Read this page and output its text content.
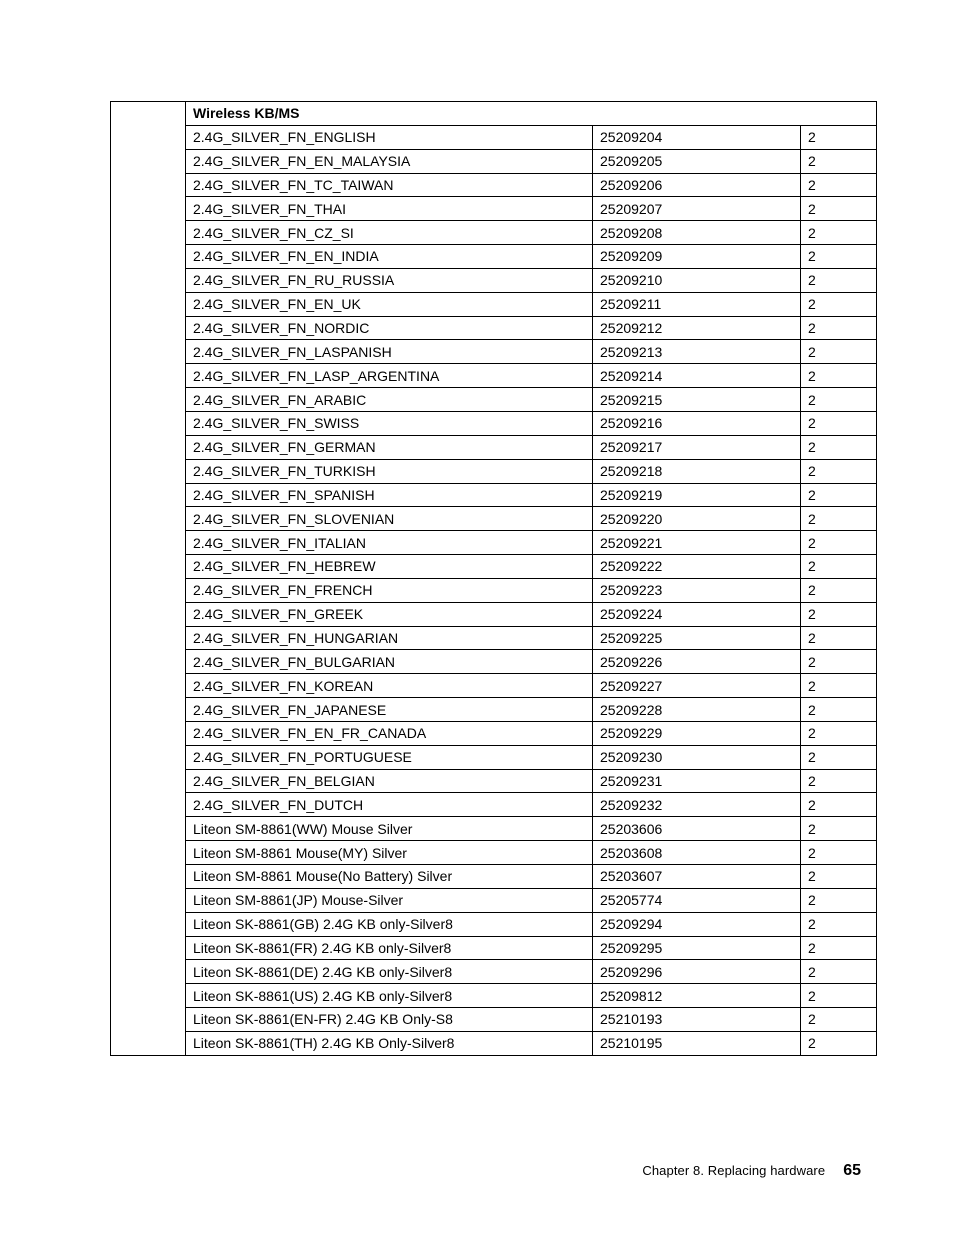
	Wireless KB/MS		
	2.4G_SILVER_FN_ENGLISH	25209204	2
	2.4G_SILVER_FN_EN_MALAYSIA	25209205	2
	2.4G_SILVER_FN_TC_TAIWAN	25209206	2
	2.4G_SILVER_FN_THAI	25209207	2
	2.4G_SILVER_FN_CZ_SI	25209208	2
	2.4G_SILVER_FN_EN_INDIA	25209209	2
	2.4G_SILVER_FN_RU_RUSSIA	25209210	2
	2.4G_SILVER_FN_EN_UK	25209211	2
	2.4G_SILVER_FN_NORDIC	25209212	2
	2.4G_SILVER_FN_LASPANISH	25209213	2
	2.4G_SILVER_FN_LASP_ARGENTINA	25209214	2
	2.4G_SILVER_FN_ARABIC	25209215	2
	2.4G_SILVER_FN_SWISS	25209216	2
	2.4G_SILVER_FN_GERMAN	25209217	2
	2.4G_SILVER_FN_TURKISH	25209218	2
	2.4G_SILVER_FN_SPANISH	25209219	2
	2.4G_SILVER_FN_SLOVENIAN	25209220	2
	2.4G_SILVER_FN_ITALIAN	25209221	2
	2.4G_SILVER_FN_HEBREW	25209222	2
	2.4G_SILVER_FN_FRENCH	25209223	2
	2.4G_SILVER_FN_GREEK	25209224	2
	2.4G_SILVER_FN_HUNGARIAN	25209225	2
	2.4G_SILVER_FN_BULGARIAN	25209226	2
	2.4G_SILVER_FN_KOREAN	25209227	2
	2.4G_SILVER_FN_JAPANESE	25209228	2
	2.4G_SILVER_FN_EN_FR_CANADA	25209229	2
	2.4G_SILVER_FN_PORTUGUESE	25209230	2
	2.4G_SILVER_FN_BELGIAN	25209231	2
	2.4G_SILVER_FN_DUTCH	25209232	2
	Liteon SM-8861(WW) Mouse Silver	25203606	2
	Liteon SM-8861 Mouse(MY) Silver	25203608	2
	Liteon SM-8861 Mouse(No Battery) Silver	25203607	2
	Liteon SM-8861(JP) Mouse-Silver	25205774	2
	Liteon SK-8861(GB) 2.4G KB only-Silver8	25209294	2
	Liteon SK-8861(FR) 2.4G KB only-Silver8	25209295	2
	Liteon SK-8861(DE) 2.4G KB only-Silver8	25209296	2
	Liteon SK-8861(US) 2.4G KB only-Silver8	25209812	2
	Liteon SK-8861(EN-FR) 2.4G KB Only-S8	25210193	2
	Liteon SK-8861(TH) 2.4G KB Only-Silver8	25210195	2
Chapter 8. Replacing hardware 65
